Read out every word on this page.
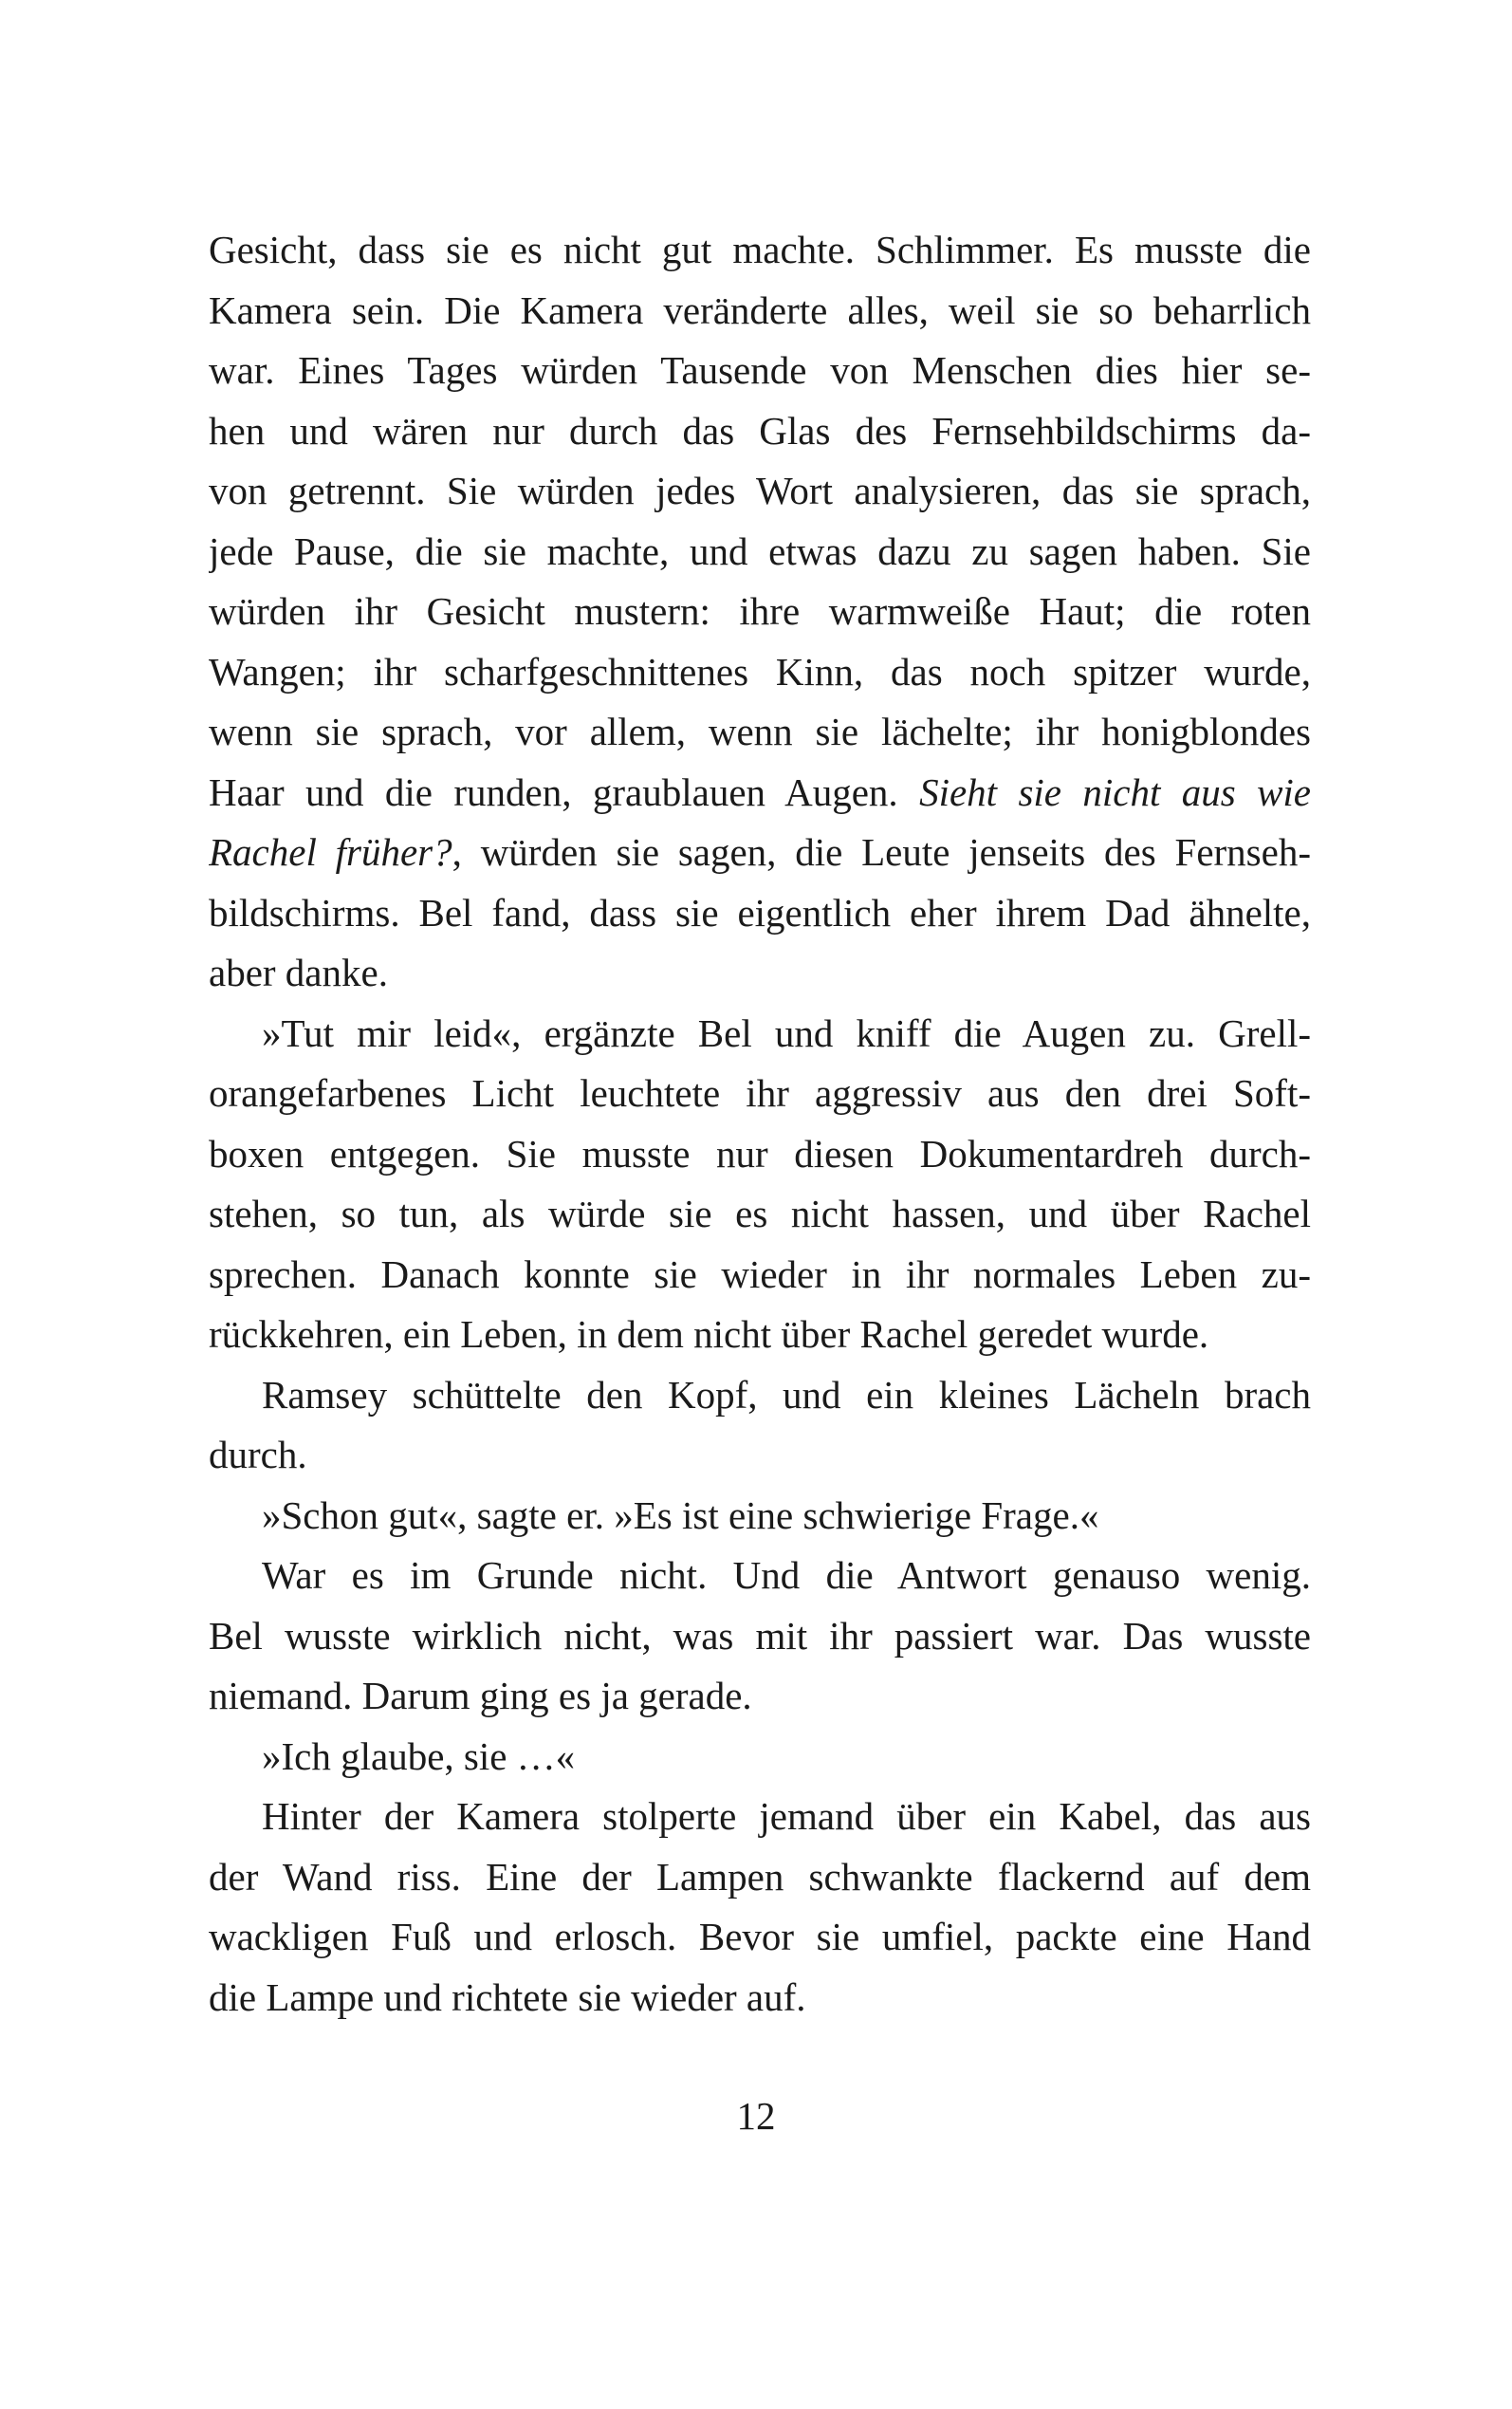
Gesicht, dass sie es nicht gut machte. Schlimmer. Es musste die
Kamera sein. Die Kamera veränderte alles, weil sie so beharrlich
war. Eines Tages würden Tausende von Menschen dies hier se-
hen und wären nur durch das Glas des Fernsehbildschirms da-
von getrennt. Sie würden jedes Wort analysieren, das sie sprach,
jede Pause, die sie machte, und etwas dazu zu sagen haben. Sie
würden ihr Gesicht mustern: ihre warmweiße Haut; die roten
Wangen; ihr scharfgeschnittenes Kinn, das noch spitzer wurde,
wenn sie sprach, vor allem, wenn sie lächelte; ihr honigblondes
Haar und die runden, graublauen Augen. Sieht sie nicht aus wie
Rachel früher?, würden sie sagen, die Leute jenseits des Fernseh-
bildschirms. Bel fand, dass sie eigentlich eher ihrem Dad ähnelte,
aber danke.
»Tut mir leid«, ergänzte Bel und kniff die Augen zu. Grell-
orangefarbenes Licht leuchtete ihr aggressiv aus den drei Soft-
boxen entgegen. Sie musste nur diesen Dokumentardreh durch-
stehen, so tun, als würde sie es nicht hassen, und über Rachel
sprechen. Danach konnte sie wieder in ihr normales Leben zu-
rückkehren, ein Leben, in dem nicht über Rachel geredet wurde.
Ramsey schüttelte den Kopf, und ein kleines Lächeln brach
durch.
»Schon gut«, sagte er. »Es ist eine schwierige Frage.«
War es im Grunde nicht. Und die Antwort genauso wenig.
Bel wusste wirklich nicht, was mit ihr passiert war. Das wusste
niemand. Darum ging es ja gerade.
»Ich glaube, sie …«
Hinter der Kamera stolperte jemand über ein Kabel, das aus
der Wand riss. Eine der Lampen schwankte flackernd auf dem
wackligen Fuß und erlosch. Bevor sie umfiel, packte eine Hand
die Lampe und richtete sie wieder auf.
12
